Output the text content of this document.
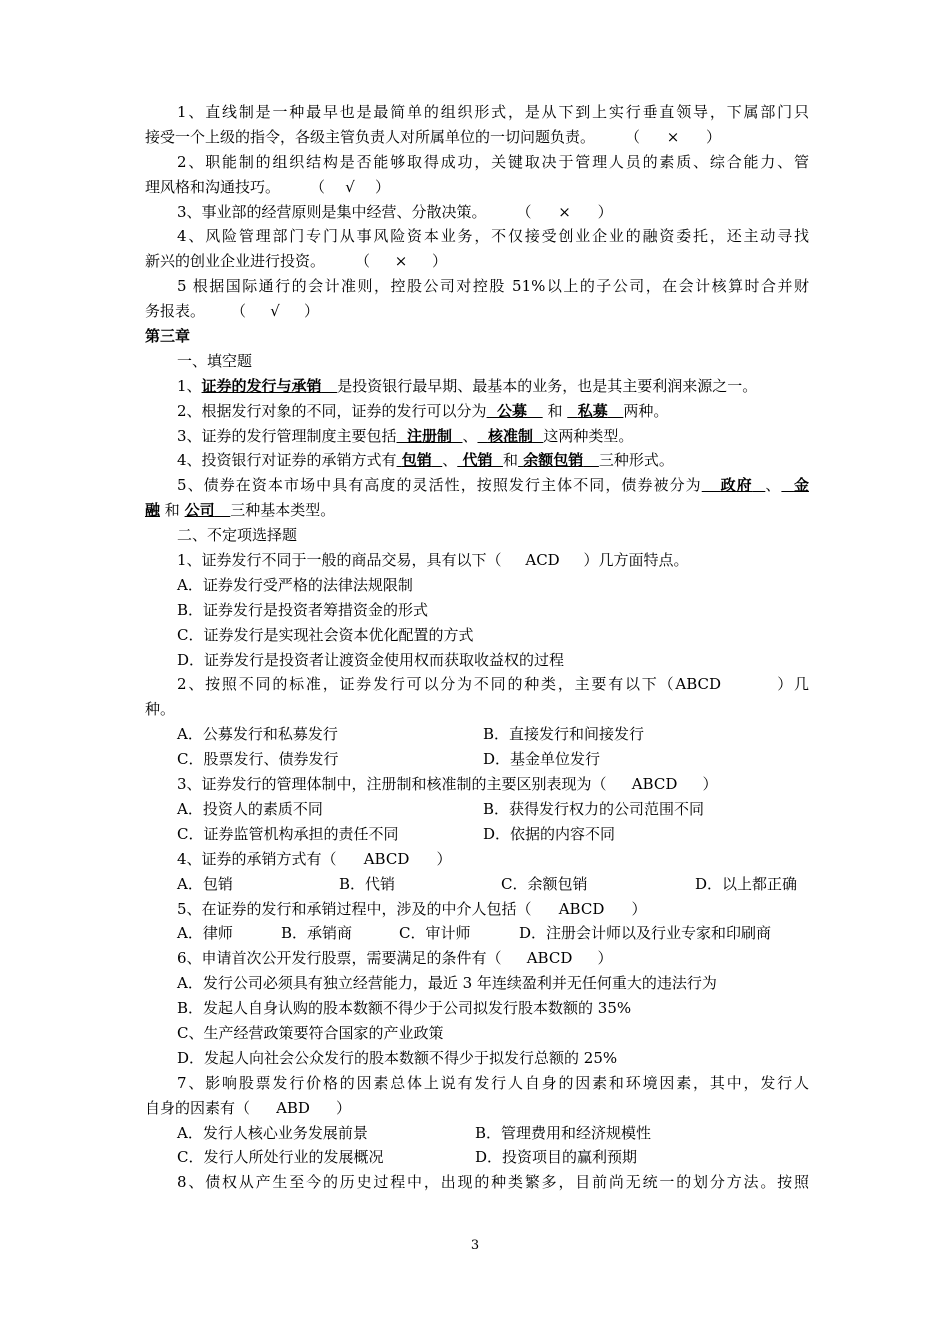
1、直线制是一种最早也是最简单的组织形式，是从下到上实行垂直领导，下属部门只
接受一个上级的指令，各级主管负责人对所属单位的一切问题负责。 （ × ）
2、职能制的组织结构是否能够取得成功，关键取决于管理人员的素质、综合能力、管
理风格和沟通技巧。 （ √ ）
3、事业部的经营原则是集中经营、分散决策。 （ × ）
4、风险管理部门专门从事风险资本业务，不仅接受创业企业的融资委托，还主动寻找
新兴的创业企业进行投资。 （ × ）
5 根据国际通行的会计准则，控股公司对控股 51%以上的子公司，在会计核算时合并财
务报表。 （ √ ）
第三章
一、填空题
1、证券的发行与承销 是投资银行最早期、最基本的业务，也是其主要利润来源之一。
2、根据发行对象的不同，证券的发行可以分为 公募 和 私募 两种。
3、证券的发行管理制度主要包括 注册制 、 核准制 这两种类型。
4、投资银行对证券的承销方式有 包销 、 代销 和 余额包销 三种形式。
5、债券在资本市场中具有高度的灵活性，按照发行主体不同，债券被分为 政府 、 金
融 和 公司 三种基本类型。
二、不定项选择题
1、证券发行不同于一般的商品交易，具有以下（ ACD ）几方面特点。
A．证券发行受严格的法律法规限制
B．证券发行是投资者筹措资金的形式
C．证券发行是实现社会资本优化配置的方式
D．证券发行是投资者让渡资金使用权而获取收益权的过程
2、按照不同的标准，证券发行可以分为不同的种类，主要有以下（ABCD	）几
种。
A．公募发行和私募发行	B．直接发行和间接发行
C．股票发行、债券发行	D．基金单位发行
3、证券发行的管理体制中，注册制和核准制的主要区别表现为（ ABCD ）
A．投资人的素质不同	B．获得发行权力的公司范围不同
C．证券监管机构承担的责任不同	D．依据的内容不同
4、证券的承销方式有（ ABCD ）
A．包销	B．代销	C．余额包销	D．以上都正确
5、在证券的发行和承销过程中，涉及的中介人包括（ ABCD ）
A．律师	B．承销商	C．审计师	D．注册会计师以及行业专家和印刷商
6、申请首次公开发行股票，需要满足的条件有（ ABCD ）
A．发行公司必须具有独立经营能力，最近 3 年连续盈利并无任何重大的违法行为
B．发起人自身认购的股本数额不得少于公司拟发行股本数额的 35%
C、生产经营政策要符合国家的产业政策
D．发起人向社会公众发行的股本数额不得少于拟发行总额的 25%
7、影响股票发行价格的因素总体上说有发行人自身的因素和环境因素，其中，发行人
自身的因素有（ ABD ）
A．发行人核心业务发展前景	B．管理费用和经济规模性
C．发行人所处行业的发展概况	D．投资项目的赢利预期
8、债权从产生至今的历史过程中，出现的种类繁多，目前尚无统一的划分方法。按照
3
